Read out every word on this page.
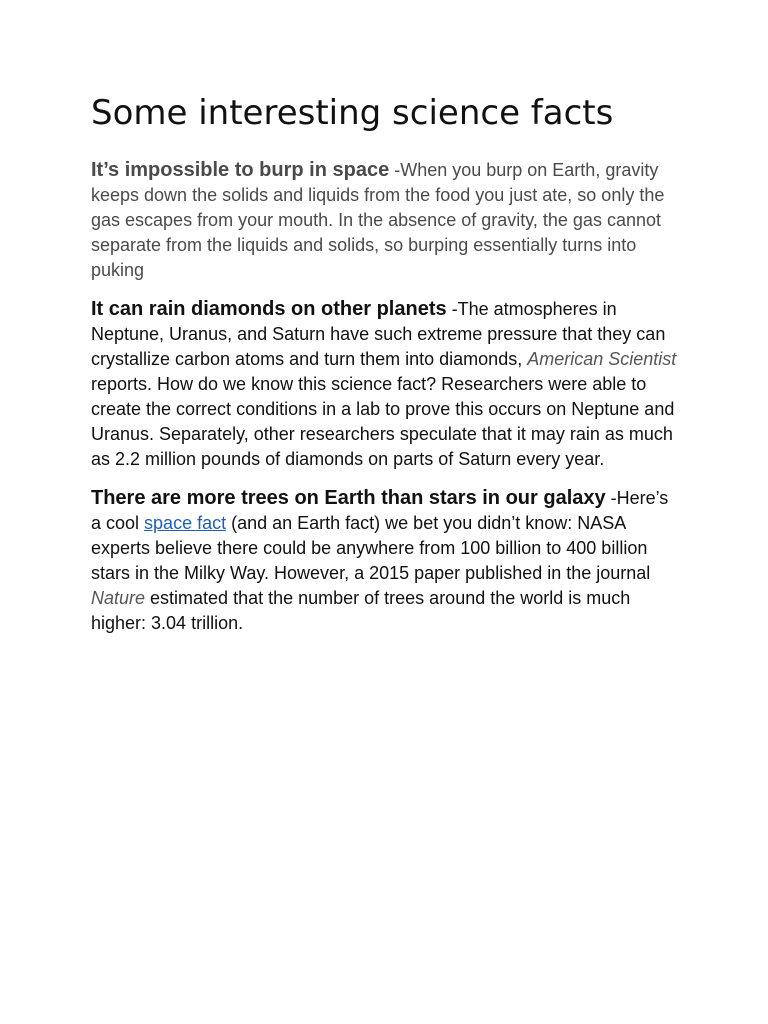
Some interesting science facts

It’s impossible to burp in space -When you burp on Earth, gravity keeps down the solids and liquids from the food you just ate, so only the gas escapes from your mouth. In the absence of gravity, the gas cannot separate from the liquids and solids, so burping essentially turns into puking

It can rain diamonds on other planets -The atmospheres in Neptune, Uranus, and Saturn have such extreme pressure that they can crystallize carbon atoms and turn them into diamonds, American Scientist reports. How do we know this science fact? Researchers were able to create the correct conditions in a lab to prove this occurs on Neptune and Uranus. Separately, other researchers speculate that it may rain as much as 2.2 million pounds of diamonds on parts of Saturn every year.

There are more trees on Earth than stars in our galaxy -Here’s a cool space fact (and an Earth fact) we bet you didn’t know: NASA experts believe there could be anywhere from 100 billion to 400 billion stars in the Milky Way. However, a 2015 paper published in the journal Nature estimated that the number of trees around the world is much higher: 3.04 trillion.
